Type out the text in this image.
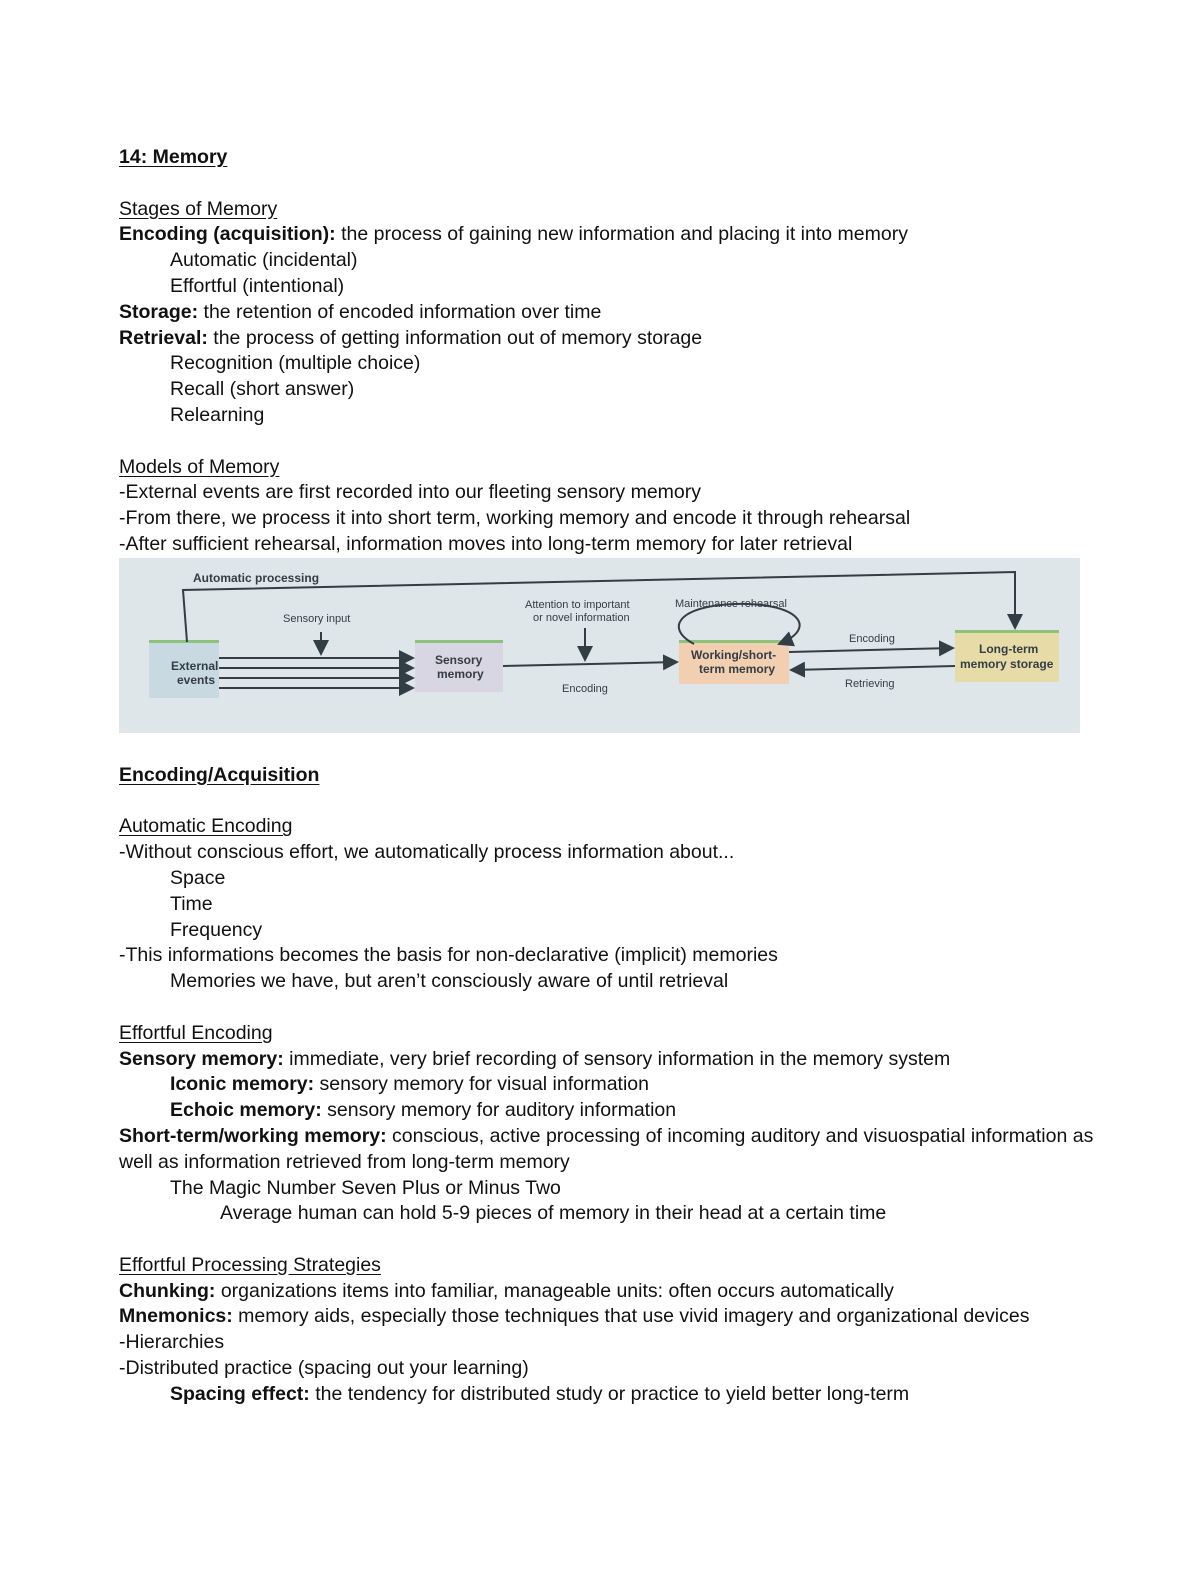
14: Memory
Stages of Memory
Encoding (acquisition): the process of gaining new information and placing it into memory
Automatic (incidental)
Effortful (intentional)
Storage: the retention of encoded information over time
Retrieval: the process of getting information out of memory storage
Recognition (multiple choice)
Recall (short answer)
Relearning
Models of Memory
-External events are first recorded into our fleeting sensory memory
-From there, we process it into short term, working memory and encode it through rehearsal
-After sufficient rehearsal, information moves into long-term memory for later retrieval
Automatic processing
Sensory input
Attention to important
or novel information
Maintenance rehearsal
Encoding
Encoding	Retrieving
External
events
Sensory
memory
Working/short-
term memory
Long-term
memory storage
Encoding/Acquisition
Automatic Encoding
-Without conscious effort, we automatically process information about...
Space
Time
Frequency
-This informations becomes the basis for non-declarative (implicit) memories
Memories we have, but aren’t consciously aware of until retrieval
Effortful Encoding
Sensory memory: immediate, very brief recording of sensory information in the memory system
Iconic memory: sensory memory for visual information
Echoic memory: sensory memory for auditory information
Short-term/working memory: conscious, active processing of incoming auditory and visuospatial information as well as information retrieved from long-term memory
The Magic Number Seven Plus or Minus Two
Average human can hold 5-9 pieces of memory in their head at a certain time
Effortful Processing Strategies
Chunking: organizations items into familiar, manageable units: often occurs automatically
Mnemonics: memory aids, especially those techniques that use vivid imagery and organizational devices
-Hierarchies
-Distributed practice (spacing out your learning)
Spacing effect: the tendency for distributed study or practice to yield better long-term
